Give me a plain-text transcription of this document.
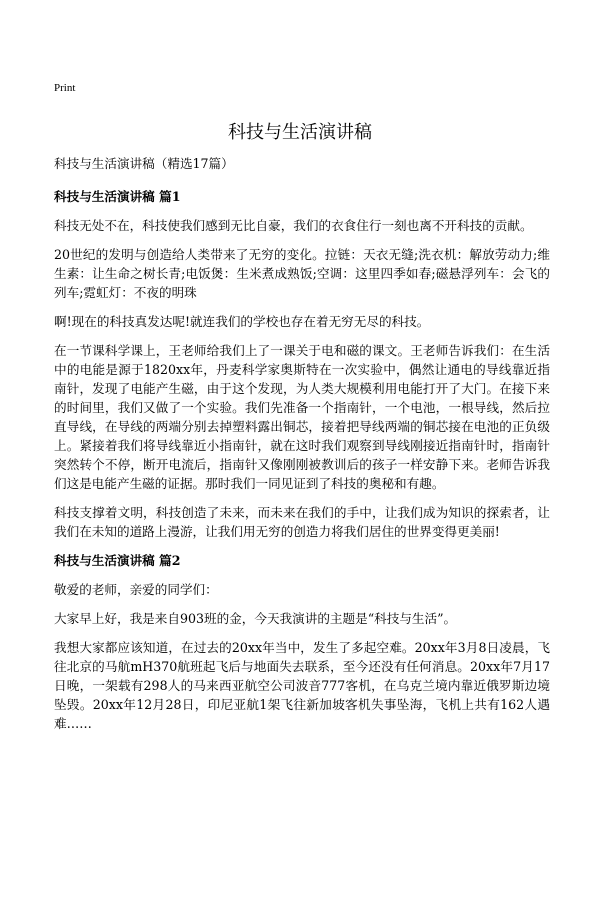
Print
科技与生活演讲稿

科技与生活演讲稿（精选17篇）

科技与生活演讲稿 篇1

科技无处不在，科技使我们感到无比自豪，我们的衣食住行一刻也离不开科技的贡献。

20世纪的发明与创造给人类带来了无穷的变化。拉链：天衣无缝;洗衣机：解放劳动力;维生素：让生命之树长青;电饭煲：生米煮成熟饭;空调：这里四季如春;磁悬浮列车：会飞的列车;霓虹灯：不夜的明珠

啊!现在的科技真发达呢!就连我们的学校也存在着无穷无尽的科技。

在一节课科学课上，王老师给我们上了一课关于电和磁的课文。王老师告诉我们：在生活中的电能是源于1820xx年，丹麦科学家奥斯特在一次实验中，偶然让通电的导线靠近指南针，发现了电能产生磁，由于这个发现，为人类大规模利用电能打开了大门。在接下来的时间里，我们又做了一个实验。我们先准备一个指南针，一个电池，一根导线，然后拉直导线，在导线的两端分别去掉塑料露出铜芯，接着把导线两端的铜芯接在电池的正负级上。紧接着我们将导线靠近小指南针，就在这时我们观察到导线刚接近指南针时，指南针突然转个不停，断开电流后，指南针又像刚刚被教训后的孩子一样安静下来。老师告诉我们这是电能产生磁的证据。那时我们一同见证到了科技的奥秘和有趣。

科技支撑着文明，科技创造了未来，而未来在我们的手中，让我们成为知识的探索者，让我们在未知的道路上漫游，让我们用无穷的创造力将我们居住的世界变得更美丽!

科技与生活演讲稿 篇2

敬爱的老师，亲爱的同学们：

大家早上好，我是来自903班的金，今天我演讲的主题是“科技与生活”。

我想大家都应该知道，在过去的20xx年当中，发生了多起空难。20xx年3月8日凌晨，飞往北京的马航mH370航班起飞后与地面失去联系，至今还没有任何消息。20xx年7月17日晚，一架载有298人的马来西亚航空公司波音777客机，在乌克兰境内靠近俄罗斯边境坠毁。20xx年12月28日，印尼亚航1架飞往新加坡客机失事坠海，飞机上共有162人遇难……
